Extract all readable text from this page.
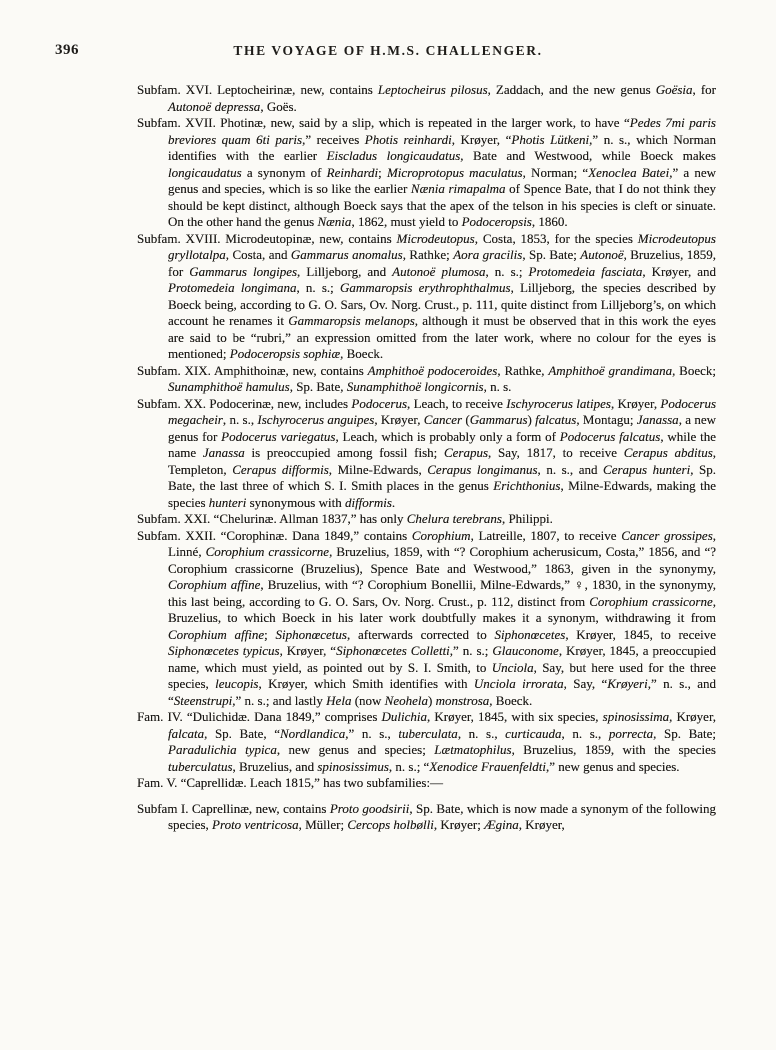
396	THE VOYAGE OF H.M.S. CHALLENGER.

Subfam. XVI. Leptocheirinæ, new, contains Leptocheirus pilosus, Zaddach, and the new genus Goësia, for Autonoë depressa, Goës.

Subfam. XVII. Photinæ, new, said by a slip, which is repeated in the larger work, to have “Pedes 7mi paris breviores quam 6ti paris,” receives Photis reinhardi, Krøyer, “Photis Lütkeni,” n. s., which Norman identifies with the earlier Eiscladus longicaudatus, Bate and Westwood, while Boeck makes longicaudatus a synonym of Reinhardi; Microprotopus maculatus, Norman; “Xenoclea Batei,” a new genus and species, which is so like the earlier Nænia rimapalma of Spence Bate, that I do not think they should be kept distinct, although Boeck says that the apex of the telson in his species is cleft or sinuate. On the other hand the genus Nænia, 1862, must yield to Podoceropsis, 1860.

Subfam. XVIII. Microdeutopinæ, new, contains Microdeutopus, Costa, 1853, for the species Microdeutopus gryllotalpa, Costa, and Gammarus anomalus, Rathke; Aora gracilis, Sp. Bate; Autonoë, Bruzelius, 1859, for Gammarus longipes, Lilljeborg, and Autonoë plumosa, n. s.; Protomedeia fasciata, Krøyer, and Protomedeia longimana, n. s.; Gammaropsis erythrophthalmus, Lilljeborg, the species described by Boeck being, according to G. O. Sars, Ov. Norg. Crust., p. 111, quite distinct from Lilljeborg’s, on which account he renames it Gammaropsis melanops, although it must be observed that in this work the eyes are said to be “rubri,” an expression omitted from the later work, where no colour for the eyes is mentioned; Podoceropsis sophiæ, Boeck.

Subfam. XIX. Amphithoinæ, new, contains Amphithoë podoceroides, Rathke, Amphithoë grandimana, Boeck; Sunamphithoë hamulus, Sp. Bate, Sunamphithoë longicornis, n. s.

Subfam. XX. Podocerinæ, new, includes Podocerus, Leach, to receive Ischyrocerus latipes, Krøyer, Podocerus megacheir, n. s., Ischyrocerus anguipes, Krøyer, Cancer (Gammarus) falcatus, Montagu; Janassa, a new genus for Podocerus variegatus, Leach, which is probably only a form of Podocerus falcatus, while the name Janassa is preoccupied among fossil fish; Cerapus, Say, 1817, to receive Cerapus abditus, Templeton, Cerapus difformis, Milne-Edwards, Cerapus longimanus, n. s., and Cerapus hunteri, Sp. Bate, the last three of which S. I. Smith places in the genus Erichthonius, Milne-Edwards, making the species hunteri synonymous with difformis.

Subfam. XXI. “Chelurinæ. Allman 1837,” has only Chelura terebrans, Philippi.

Subfam. XXII. “Corophinæ. Dana 1849,” contains Corophium, Latreille, 1807, to receive Cancer grossipes, Linné, Corophium crassicorne, Bruzelius, 1859, with “? Corophium acherusicum, Costa,” 1856, and “? Corophium crassicorne (Bruzelius), Spence Bate and Westwood,” 1863, given in the synonymy, Corophium affine, Bruzelius, with “? Corophium Bonellii, Milne-Edwards,” ♀, 1830, in the synonymy, this last being, according to G. O. Sars, Ov. Norg. Crust., p. 112, distinct from Corophium crassicorne, Bruzelius, to which Boeck in his later work doubtfully makes it a synonym, withdrawing it from Corophium affine; Siphonœcetus, afterwards corrected to Siphonœcetes, Krøyer, 1845, to receive Siphonœcetes typicus, Krøyer, “Siphonœcetes Colletti,” n. s.; Glauconome, Krøyer, 1845, a preoccupied name, which must yield, as pointed out by S. I. Smith, to Unciola, Say, but here used for the three species, leucopis, Krøyer, which Smith identifies with Unciola irrorata, Say, “Krøyeri,” n. s., and “Steenstrupi,” n. s.; and lastly Hela (now Neohela) monstrosa, Boeck.

Fam. IV. “Dulichidæ. Dana 1849,” comprises Dulichia, Krøyer, 1845, with six species, spinosissima, Krøyer, falcata, Sp. Bate, “Nordlandica,” n. s., tuberculata, n. s., curticauda, n. s., porrecta, Sp. Bate; Paradulichia typica, new genus and species; Lætmatophilus, Bruzelius, 1859, with the species tuberculatus, Bruzelius, and spinosissimus, n. s.; “Xenodice Frauenfeldti,” new genus and species.

Fam. V. “Caprellidæ. Leach 1815,” has two subfamilies:—

Subfam I. Caprellinæ, new, contains Proto goodsirii, Sp. Bate, which is now made a synonym of the following species, Proto ventricosa, Müller; Cercops holbølli, Krøyer; Ægina, Krøyer,
